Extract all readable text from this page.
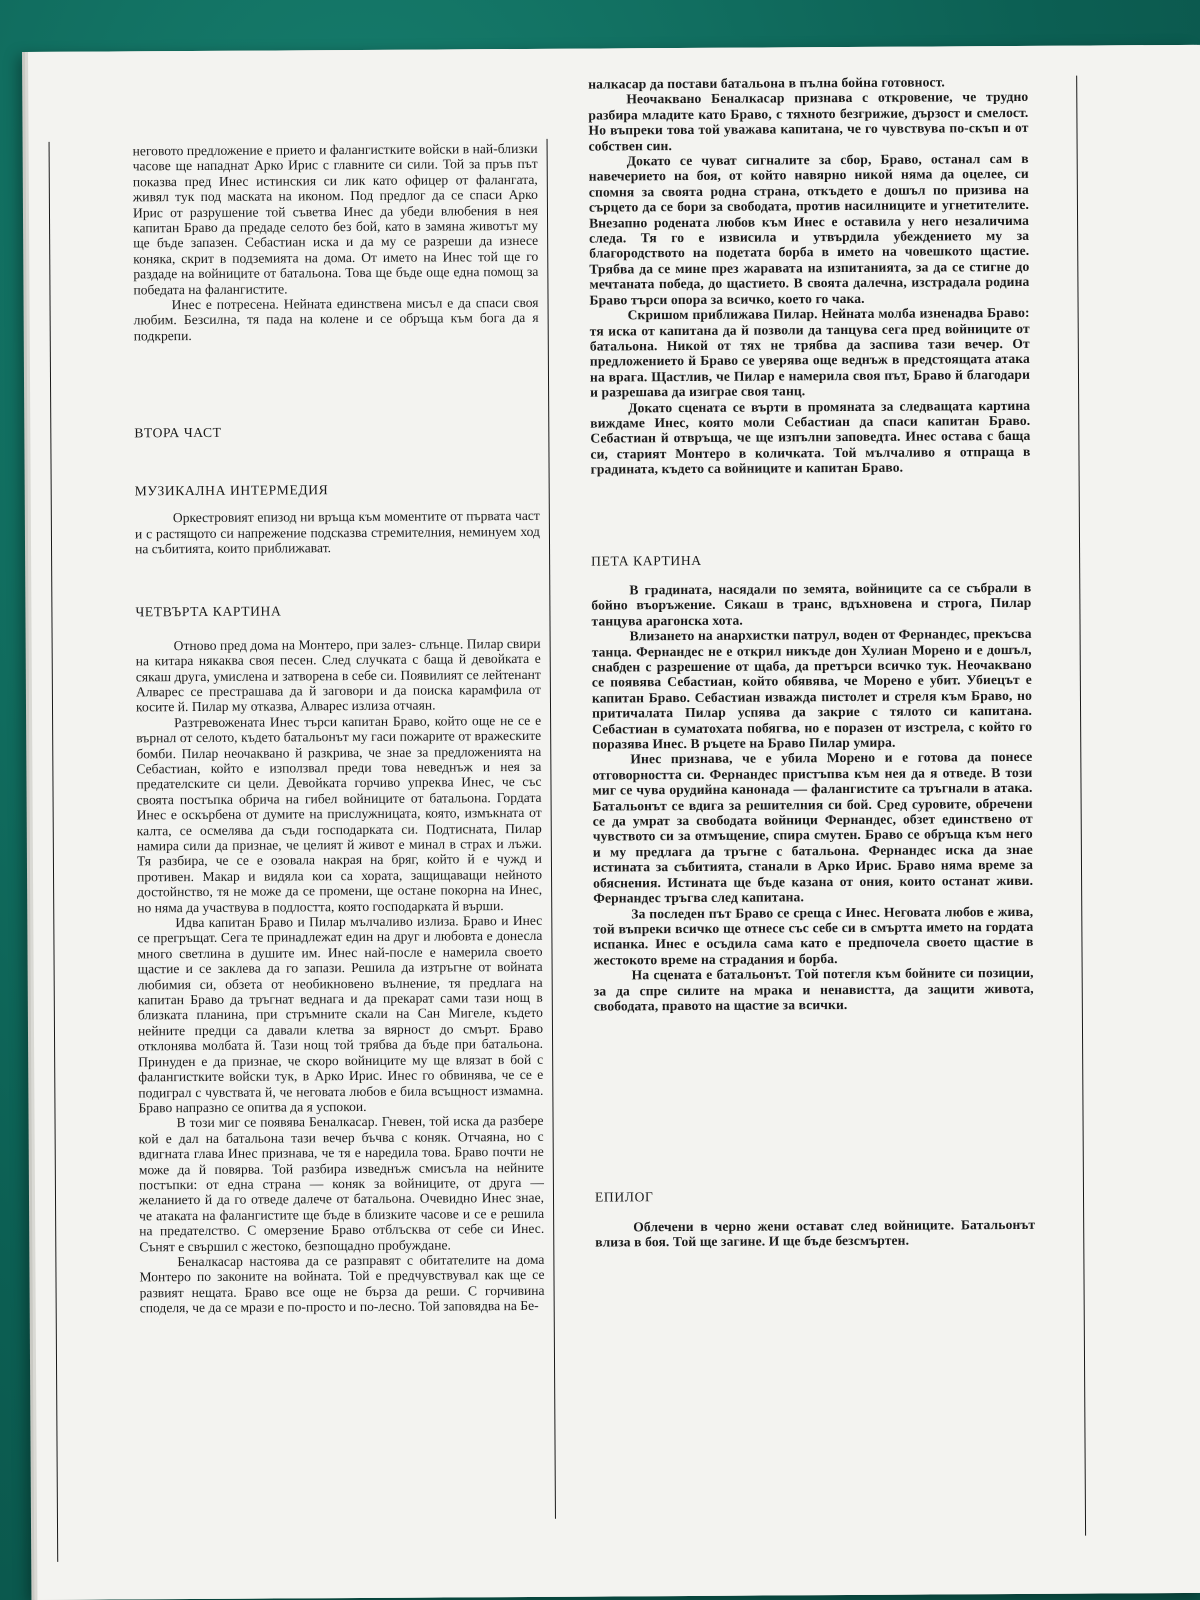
неговото предложение е прието и фалангистките войски в най-близки часове ще нападнат Арко Ирис с главните си сили. Той за пръв път показва пред Инес истинския си лик като офицер от фалангата, живял тук под маската на иконом. Под предлог да се спаси Арко Ирис от разрушение той съветва Инес да убеди влюбения в нея капитан Браво да предаде селото без бой, като в замяна животът му ще бъде запазен. Себастиан иска и да му се разреши да изнесе коняка, скрит в подземията на дома. От името на Инес той ще го раздаде на войниците от батальона. Това ще бъде още една помощ за победата на фалангистите.

Инес е потресена. Нейната единствена мисъл е да спаси своя любим. Безсилна, тя пада на колене и се обръща към бога да я подкрепи.

ВТОРА ЧАСТ
МУЗИКАЛНА ИНТЕРМЕДИЯ

Оркестровият епизод ни връща към моментите от първата част и с растящото си напрежение подсказва стремителния, неминуем ход на събитията, които приближават.

ЧЕТВЪРТА КАРТИНА

Отново пред дома на Монтеро, при залез- слънце. Пилар свири на китара някаква своя песен. След случката с баща й девойката е сякаш друга, умислена и затворена в себе си. Появилият се лейтенант Алварес се престрашава да й заговори и да поиска карамфила от косите й. Пилар му отказва, Алварес излиза отчаян.

Разтревожената Инес търси капитан Браво, който още не се е върнал от селото, където батальонът му гаси пожарите от вражеските бомби. Пилар неочаквано й разкрива, че знае за предложенията на Себастиан, който е използвал преди това неведнъж и нея за предателските си цели. Девойката горчиво упреква Инес, че със своята постъпка обрича на гибел войниците от батальона. Гордата Инес е оскърбена от думите на прислужницата, която, измъкната от калта, се осмелява да съди господарката си. Подтисната, Пилар намира сили да признае, че целият й живот е минал в страх и лъжи. Тя разбира, че се е озовала накрая на бряг, който й е чужд и противен. Макар и видяла кои са хората, защищаващи нейното достойнство, тя не може да се промени, ще остане покорна на Инес, но няма да участвува в подлостта, която господарката й върши.

Идва капитан Браво и Пилар мълчаливо излиза. Браво и Инес се прегръщат. Сега те принадлежат един на друг и любовта е донесла много светлина в душите им. Инес най-после е намерила своето щастие и се заклева да го запази. Решила да изтръгне от войната любимия си, обзета от необикновено вълнение, тя предлага на капитан Браво да тръгнат веднага и да прекарат сами тази нощ в близката планина, при стръмните скали на Сан Мигеле, където нейните предци са давали клетва за вярност до смърт. Браво отклонява молбата й. Тази нощ той трябва да бъде при батальона. Принуден е да признае, че скоро войниците му ще влязат в бой с фалангистките войски тук, в Арко Ирис. Инес го обвинява, че се е подиграл с чувствата й, че неговата любов е била всъщност измамна. Браво напразно се опитва да я успокои.

В този миг се появява Беналкасар. Гневен, той иска да разбере кой е дал на батальона тази вечер бъчва с коняк. Отчаяна, но с вдигната глава Инес признава, че тя е наредила това. Браво почти не може да й повярва. Той разбира изведнъж смисъла на нейните постъпки: от една страна — коняк за войниците, от друга — желанието й да го отведе далече от батальона. Очевидно Инес знае, че атаката на фалангистите ще бъде в близките часове и се е решила на предателство. С омерзение Браво отблъсква от себе си Инес. Сънят е свършил с жестоко, безпощадно пробуждане.

Беналкасар настоява да се разправят с обитателите на дома Монтеро по законите на войната. Той е предчувствувал как ще се развият нещата. Браво все още не бърза да реши. С горчивина споделя, че да се мрази е по-просто и по-лесно. Той заповядва на Бе-

налкасар да постави батальона в пълна бойна готовност.

Неочаквано Беналкасар признава с откровение, че трудно разбира младите като Браво, с тяхното безгрижие, дързост и смелост. Но въпреки това той уважава капитана, че го чувствува по-скъп и от собствен син.

Докато се чуват сигналите за сбор, Браво, останал сам в навечерието на боя, от който навярно никой няма да оцелее, си спомня за своята родна страна, откъдето е дошъл по призива на сърцето да се бори за свободата, против насилниците и угнетителите. Внезапно родената любов към Инес е оставила у него незаличима следа. Тя го е извисила и утвърдила убеждението му за благородството на подетата борба в името на човешкото щастие. Трябва да се мине през жаравата на изпитанията, за да се стигне до мечтаната победа, до щастието. В своята далечна, изстрадала родина Браво търси опора за всичко, което го чака.

Скришом приближава Пилар. Нейната молба изненадва Браво: тя иска от капитана да й позволи да танцува сега пред войниците от батальона. Никой от тях не трябва да заспива тази вечер. От предложението й Браво се уверява още веднъж в предстоящата атака на врага. Щастлив, че Пилар е намерила своя път, Браво й благодари и разрешава да изиграе своя танц.

Докато сцената се върти в промяната за следващата картина виждаме Инес, която моли Себастиан да спаси капитан Браво. Себастиан й отвръща, че ще изпълни заповедта. Инес остава с баща си, старият Монтеро в количката. Той мълчаливо я отпраща в градината, където са войниците и капитан Браво.

ПЕТА КАРТИНА

В градината, насядали по земята, войниците са се събрали в бойно въоръжение. Сякаш в транс, вдъхновена и строга, Пилар танцува арагонска хота.

Влизането на анархистки патрул, воден от Фернандес, прекъсва танца. Фернандес не е открил никъде дон Хулиан Морено и е дошъл, снабден с разрешение от щаба, да претърси всичко тук. Неочаквано се появява Себастиан, който обявява, че Морено е убит. Убиецът е капитан Браво. Себастиан изважда пистолет и стреля към Браво, но притичалата Пилар успява да закрие с тялото си капитана. Себастиан в суматохата побягва, но е поразен от изстрела, с който го поразява Инес. В ръцете на Браво Пилар умира.

Инес признава, че е убила Морено и е готова да понесе отговорността си. Фернандес пристъпва към нея да я отведе. В този миг се чува орудийна канонада — фалангистите са тръгнали в атака. Батальонът се вдига за решителния си бой. Сред суровите, обречени се да умрат за свободата войници Фернандес, обзет единствено от чувството си за отмъщение, спира смутен. Браво се обръща към него и му предлага да тръгне с батальона. Фернандес иска да знае истината за събитията, станали в Арко Ирис. Браво няма време за обяснения. Истината ще бъде казана от ония, които останат живи. Фернандес тръгва след капитана.

За последен път Браво се среща с Инес. Неговата любов е жива, той въпреки всичко ще отнесе със себе си в смъртта името на гордата испанка. Инес е осъдила сама като е предпочела своето щастие в жестокото време на страдания и борба.

На сцената е батальонът. Той потегля към бойните си позиции, за да спре силите на мрака и ненавистта, да защити живота, свободата, правото на щастие за всички.

ЕПИЛОГ

Облечени в черно жени остават след войниците. Батальонът влиза в боя. Той ще загине. И ще бъде безсмъртен.
